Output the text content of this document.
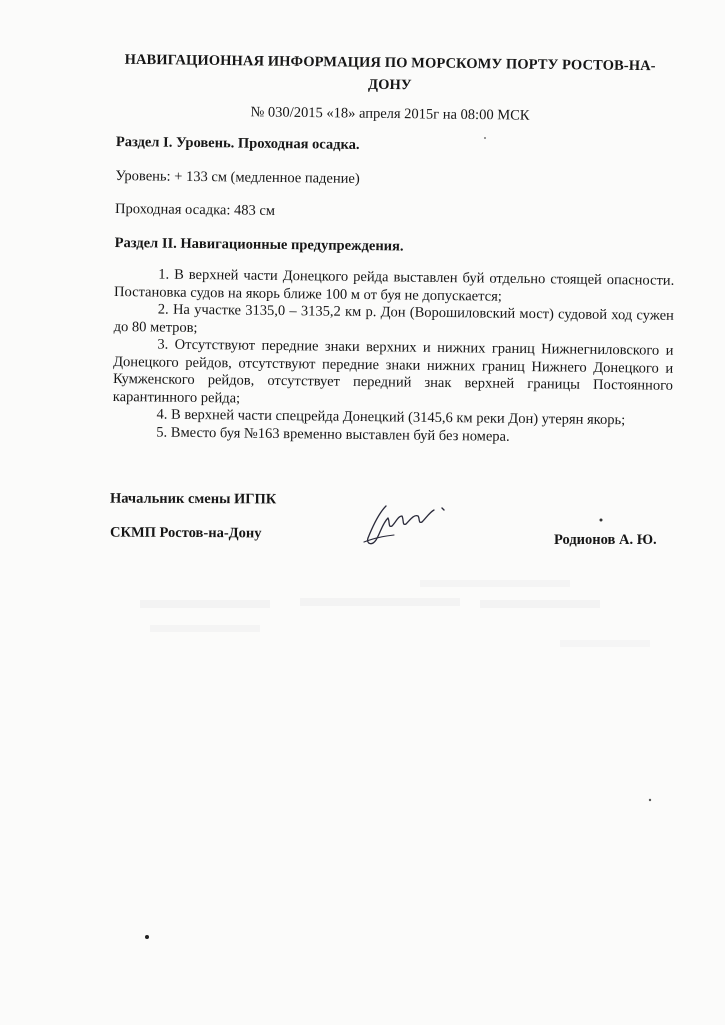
НАВИГАЦИОННАЯ ИНФОРМАЦИЯ ПО МОРСКОМУ ПОРТУ РОСТОВ-НА-ДОНУ
№ 030/2015 «18» апреля 2015г на 08:00 МСК

Раздел I. Уровень. Проходная осадка.

Уровень: + 133 см (медленное падение)

Проходная осадка: 483 см

Раздел II. Навигационные предупреждения.

1. В верхней части Донецкого рейда выставлен буй отдельно стоящей опасности. Постановка судов на якорь ближе 100 м от буя не допускается;

2. На участке 3135,0 – 3135,2 км р. Дон (Ворошиловский мост) судовой ход сужен до 80 метров;

3. Отсутствуют передние знаки верхних и нижних границ Нижнегниловского и Донецкого рейдов, отсутствуют передние знаки нижних границ Нижнего Донецкого и Кумженского рейдов, отсутствует передний знак верхней границы Постоянного карантинного рейда;

4. В верхней части спецрейда Донецкий (3145,6 км реки Дон) утерян якорь;

5. Вместо буя №163 временно выставлен буй без номера.

Начальник смены ИГПК
СКМП Ростов-на-Дону	Родионов А. Ю.
